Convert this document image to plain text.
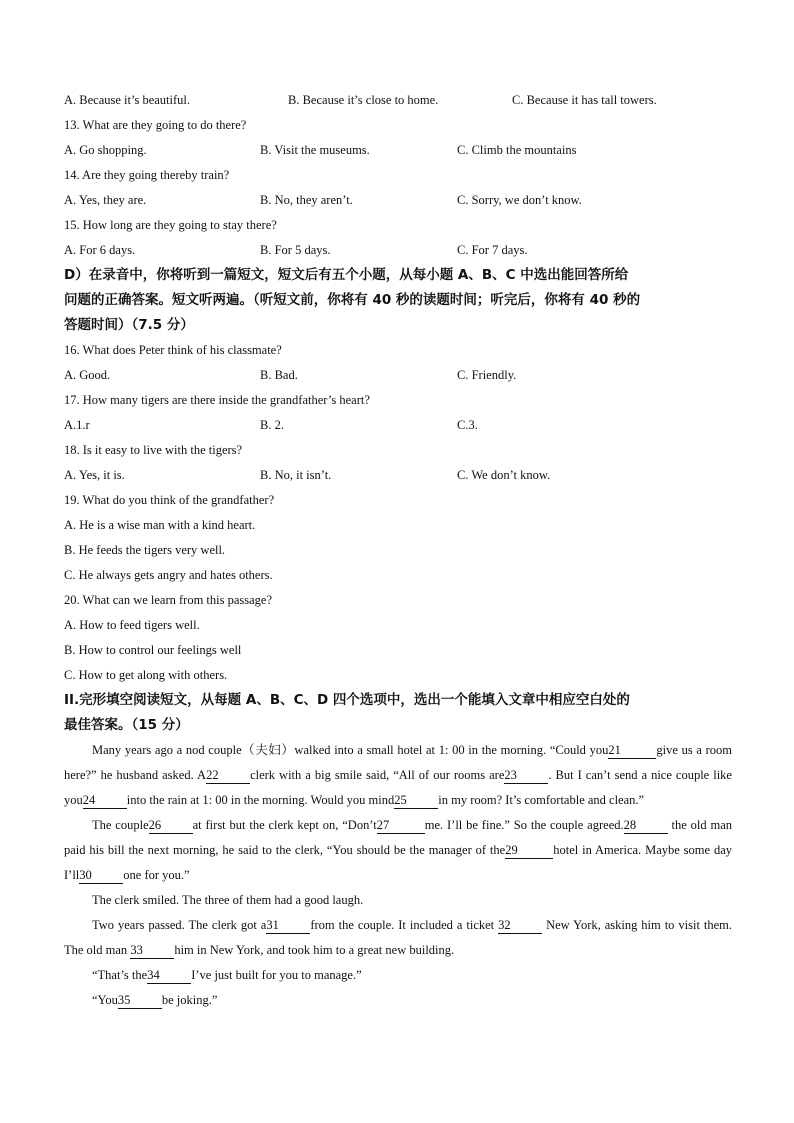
A. Because it’s beautiful.	B. Because it’s close to home.	C. Because it has tall towers.
13. What are they going to do there?
A. Go shopping.	B. Visit the museums.	C. Climb the mountains
14. Are they going thereby train?
A. Yes, they are.	B. No, they aren’t.	C. Sorry, we don’t know.
15. How long are they going to stay there?
A. For 6 days.	B. For 5 days.	C. For 7 days.
D）在录音中，你将听到一篇短文，短文后有五个小题，从每小题 A、B、C 中选出能回答所给
问题的正确答案。短文听两遍。（听短文前，你将有 40 秒的读题时间；听完后，你将有 40 秒的
答题时间）（7.5 分）
16. What does Peter think of his classmate?
A. Good.	B. Bad.	C. Friendly.
17. How many tigers are there inside the grandfather’s heart?
A.1.r	B. 2.	C.3.
18. Is it easy to live with the tigers?
A. Yes, it is.	B. No, it isn’t.	C. We don’t know.
19. What do you think of the grandfather?
A. He is a wise man with a kind heart.
B. He feeds the tigers very well.
C. He always gets angry and hates others.
20. What can we learn from this passage?
A. How to feed tigers well.
B. How to control our feelings well
C. How to get along with others.
II.完形填空阅读短文，从每题 A、B、C、D 四个选项中，选出一个能填入文章中相应空白处的
最佳答案。（15 分）
Many years ago a nod couple（夫妇）walked into a small hotel at 1: 00 in the morning. “Could you21	give us a room here?” he husband asked. A22	clerk with a big smile said, “All of our rooms are23	. But I can’t send a nice couple like you24	into the rain at 1: 00 in the morning. Would you mind25	in my room? It’s comfortable and clean.”
The couple26	at first but the clerk kept on, “Don’t27	me. I’ll be fine.” So the couple agreed.28	the old man paid his bill the next morning, he said to the clerk, “You should be the manager of the29	hotel in America. Maybe some day I’ll30	one for you.”
The clerk smiled. The three of them had a good laugh.
Two years passed. The clerk got a31	from the couple. It included a ticket 32	New York, asking him to visit them. The old man 33	him in New York, and took him to a great new building.
“That’s the34	I’ve just built for you to manage.”
“You35	be joking.”
